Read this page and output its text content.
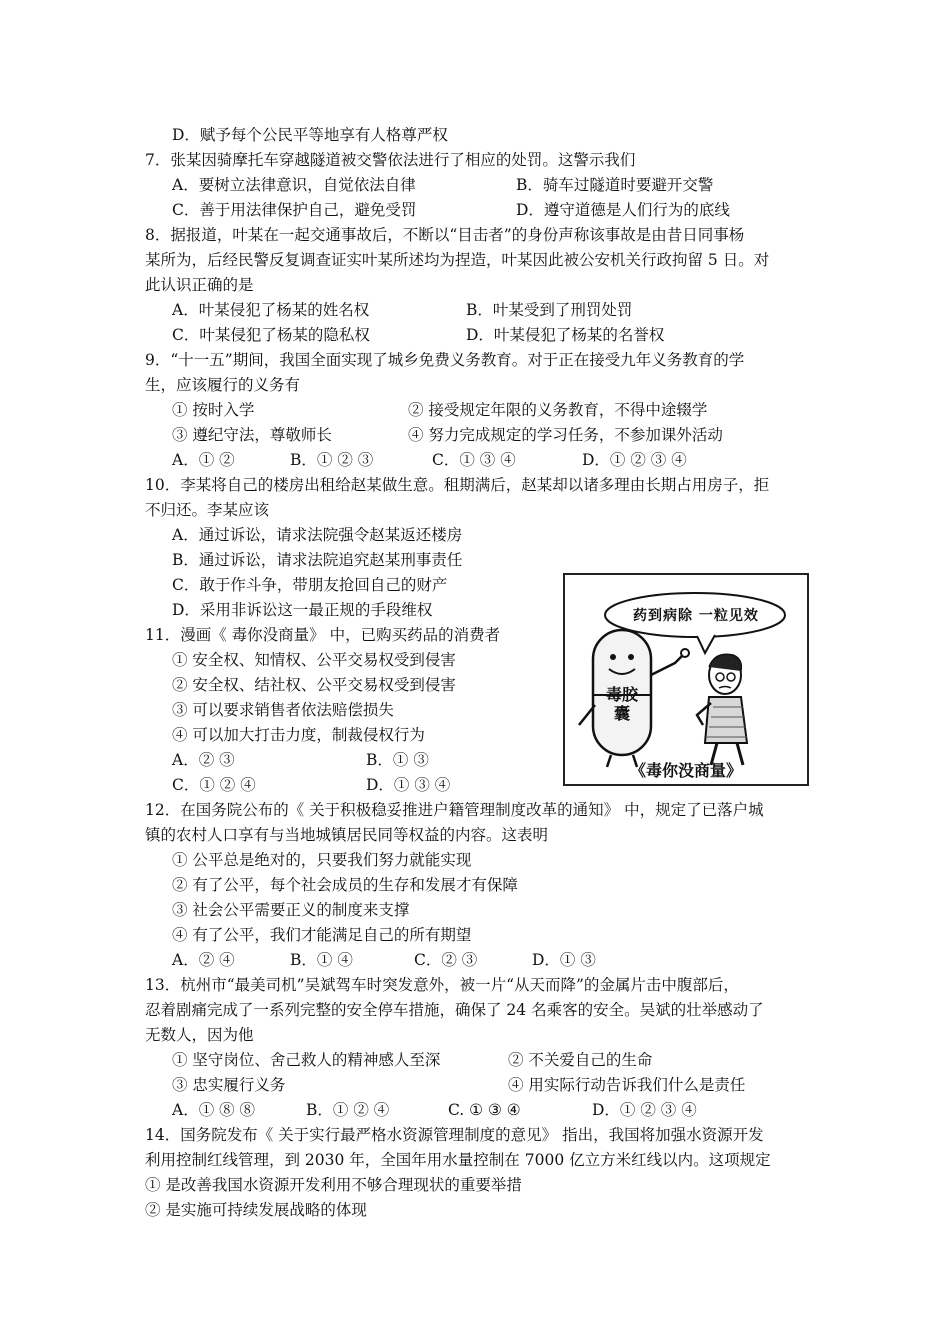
D．赋予每个公民平等地享有人格尊严权
7．张某因骑摩托车穿越隧道被交警依法进行了相应的处罚。这警示我们
A．要树立法律意识，自觉依法自律	B．骑车过隧道时要避开交警
C．善于用法律保护自己，避免受罚	D．遵守道德是人们行为的底线
8．据报道，叶某在一起交通事故后，不断以“目击者”的身份声称该事故是由昔日同事杨
某所为，后经民警反复调查证实叶某所述均为捏造，叶某因此被公安机关行政拘留 5 日。对
此认识正确的是
A．叶某侵犯了杨某的姓名权	B．叶某受到了刑罚处罚
C．叶某侵犯了杨某的隐私权	D．叶某侵犯了杨某的名誉权
9．“十一五”期间，我国全面实现了城乡免费义务教育。对于正在接受九年义务教育的学
生，应该履行的义务有
① 按时入学	② 接受规定年限的义务教育，不得中途辍学
③ 遵纪守法，尊敬师长	④ 努力完成规定的学习任务，不参加课外活动
A．① ②	B．① ② ③	C．① ③ ④	D．① ② ③ ④
10．李某将自己的楼房出租给赵某做生意。租期满后，赵某却以诸多理由长期占用房子，拒
不归还。李某应该
A．通过诉讼，请求法院强令赵某返还楼房
B．通过诉讼，请求法院追究赵某刑事责任
C．敢于作斗争，带朋友抢回自己的财产
D．采用非诉讼这一最正规的手段维权
11．漫画《 毒你没商量》 中，已购买药品的消费者
① 安全权、知情权、公平交易权受到侵害
② 安全权、结社权、公平交易权受到侵害
③ 可以要求销售者依法赔偿损失
④ 可以加大打击力度，制裁侵权行为
A．② ③	B．① ③
C．① ② ④	D．① ③ ④
12．在国务院公布的《 关于积极稳妥推进户籍管理制度改革的通知》 中，规定了已落户城
镇的农村人口享有与当地城镇居民同等权益的内容。这表明
① 公平总是绝对的，只要我们努力就能实现
② 有了公平，每个社会成员的生存和发展才有保障
③ 社会公平需要正义的制度来支撑
④ 有了公平，我们才能满足自己的所有期望
A．② ④	B．① ④	C．② ③	D．① ③
13．杭州市“最美司机”吴斌驾车时突发意外，被一片“从天而降”的金属片击中腹部后，
忍着剧痛完成了一系列完整的安全停车措施，确保了 24 名乘客的安全。吴斌的壮举感动了
无数人，因为他
① 坚守岗位、舍己救人的精神感人至深	② 不关爱自己的生命
③ 忠实履行义务	④ 用实际行动告诉我们什么是责任
A．① ⑧ ⑧	B．① ② ④	C. ① ③ ④	D．① ② ③ ④
14．国务院发布《 关于实行最严格水资源管理制度的意见》 指出，我国将加强水资源开发
利用控制红线管理，到 2030 年，全国年用水量控制在 7000 亿立方米红线以内。这项规定
① 是改善我国水资源开发利用不够合理现状的重要举措
② 是实施可持续发展战略的体现
药到病除 一粒见效
毒胶囊
《毒你没商量》
